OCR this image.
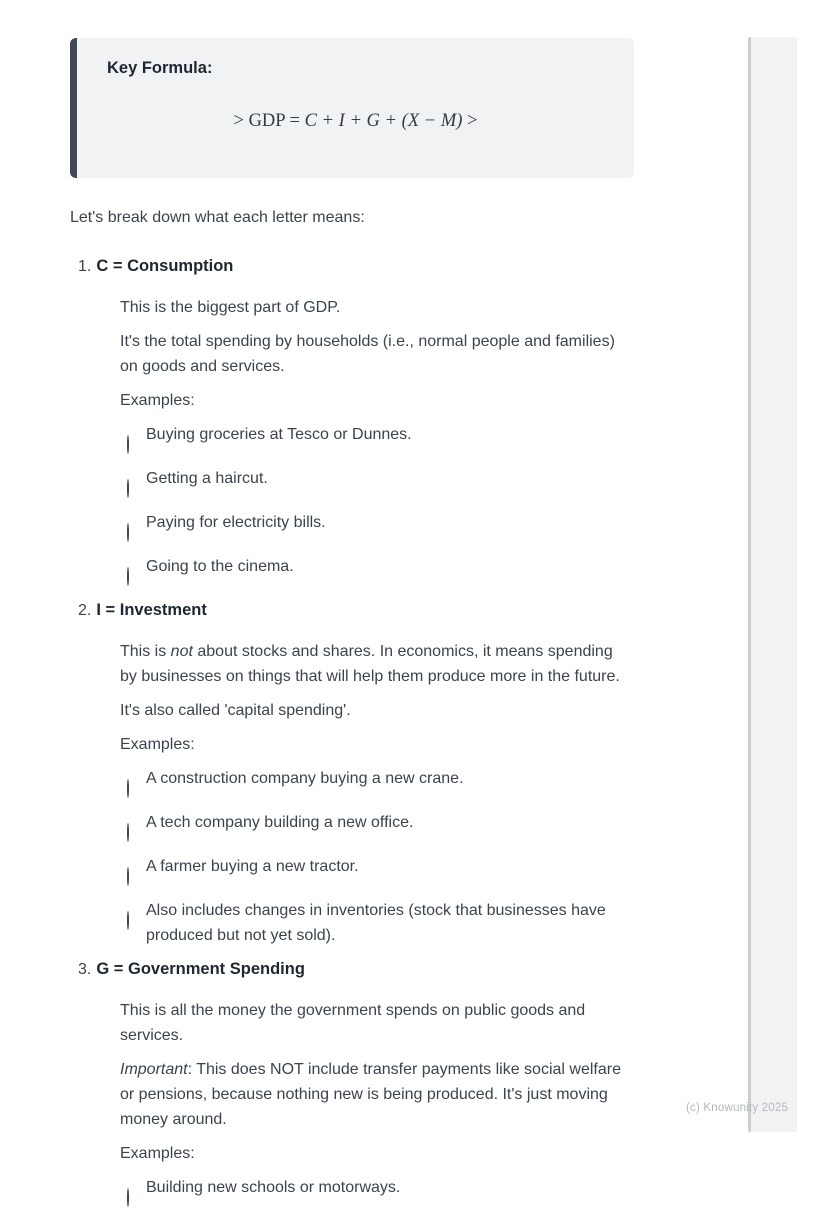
Key Formula:
> GDP = C + I + G + (X − M) >

Let's break down what each letter means:

1. C = Consumption
This is the biggest part of GDP.
It's the total spending by households (i.e., normal people and families) on goods and services.
Examples:
Buying groceries at Tesco or Dunnes.
Getting a haircut.
Paying for electricity bills.
Going to the cinema.
2. I = Investment
This is not about stocks and shares. In economics, it means spending by businesses on things that will help them produce more in the future.
It's also called 'capital spending'.
Examples:
A construction company buying a new crane.
A tech company building a new office.
A farmer buying a new tractor.
Also includes changes in inventories (stock that businesses have produced but not yet sold).
3. G = Government Spending
This is all the money the government spends on public goods and services.
Important: This does NOT include transfer payments like social welfare or pensions, because nothing new is being produced. It's just moving money around.
Examples:
Building new schools or motorways.
(c) Knowunity 2025
